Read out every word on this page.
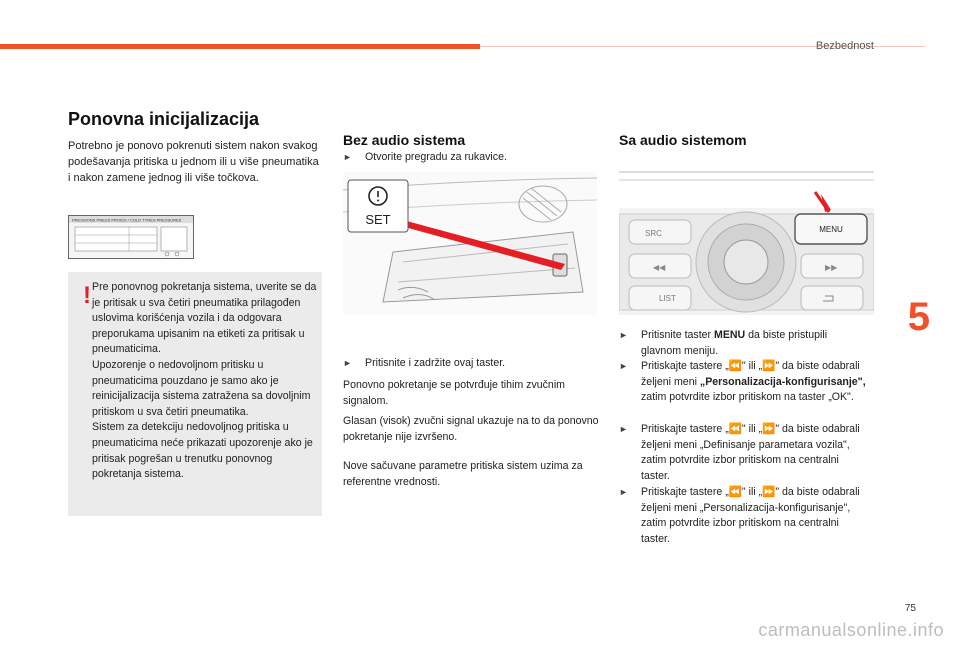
Bezbednost
Ponovna inicijalizacija

Potrebno je ponovo pokrenuti sistem nakon svakog podešavanja pritiska u jednom ili u više pneumatika i nakon zamene jednog ili više točkova.

PRESSIONS PNEUS PROIDS / COLD TYRES PRESSURES
! Pre ponovnog pokretanja sistema, uverite se da je pritisak u sva četiri pneumatika prilagođen uslovima korišćenja vozila i da odgovara preporukama upisanim na etiketi za pritisak u pneumaticima.

Upozorenje o nedovoljnom pritisku u pneumaticima pouzdano je samo ako je reinicijalizacija sistema zatražena sa dovoljnim pritiskom u sva četiri pneumatika.

Sistem za detekciju nedovoljnog pritiska u pneumaticima neće prikazati upozorenje ako je pritisak pogrešan u trenutku ponovnog pokretanja sistema.

Bez audio sistema
►	Otvorite pregradu za rukavice.
SET
►	Pritisnite i zadržite ovaj taster.

Ponovno pokretanje se potvrđuje tihim zvučnim signalom.

Glasan (visok) zvučni signal ukazuje na to da ponovno pokretanje nije izvršeno.

Nove sačuvane parametre pritiska sistem uzima za referentne vrednosti.

Sa audio sistemom
SRC
◀◀
LIST
MENU
▶▶
►	Pritisnite taster MENU da biste pristupili glavnom meniju.
►	Pritiskajte tastere „⏪" ili „⏩" da biste odabrali željeni meni „Personalizacija-konfigurisanje", zatim potvrdite izbor pritiskom na taster „OK".
►	Pritiskajte tastere „⏪" ili „⏩" da biste odabrali željeni meni „Definisanje parametara vozila", zatim potvrdite izbor pritiskom na centralni taster.
►	Pritiskajte tastere „⏪" ili „⏩" da biste odabrali željeni meni „Personalizacija-konfigurisanje", zatim potvrdite izbor pritiskom na centralni taster.
5
75
carmanualsonline.info
